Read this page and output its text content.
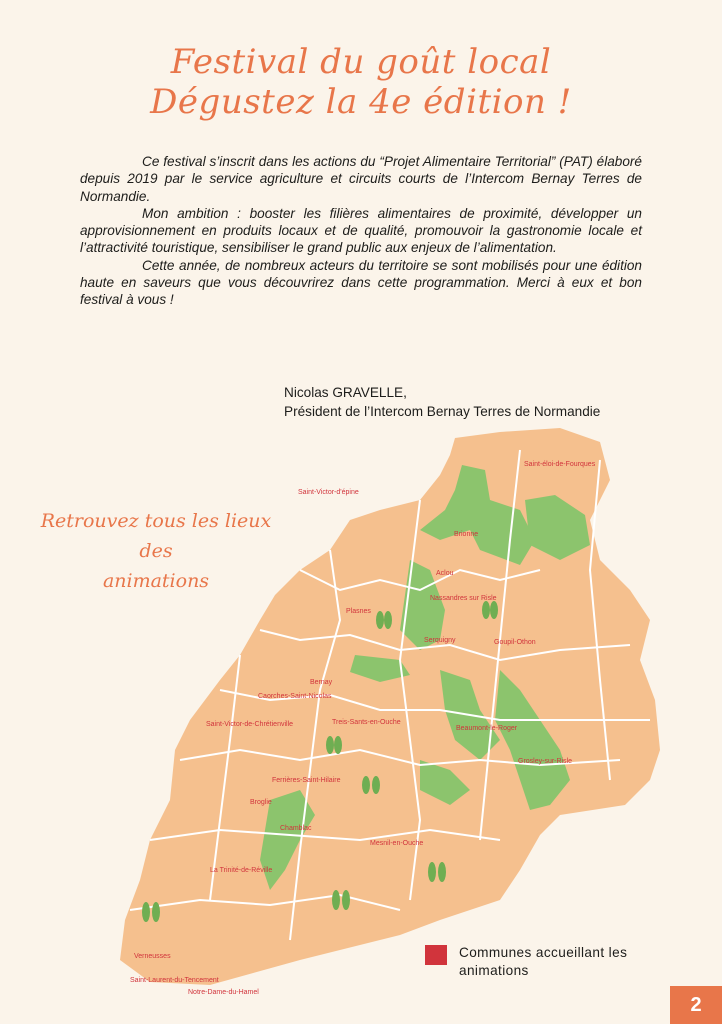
Festival du goût local
Dégustez la 4e édition !

Ce festival s’inscrit dans les actions du “Projet Alimentaire Territorial” (PAT) élaboré depuis 2019 par le service agriculture et circuits courts de l’Intercom Bernay Terres de Normandie.

Mon ambition : booster les filières alimentaires de proximité, développer un approvisionnement en produits locaux et de qualité, promouvoir la gastronomie locale et l’attractivité touristique, sensibiliser le grand public aux enjeux de l’alimentation.

Cette année, de nombreux acteurs du territoire se sont mobilisés pour une édition haute en saveurs que vous découvrirez dans cette programmation. Merci à eux et bon festival à vous !

Nicolas GRAVELLE,
Président de l’Intercom Bernay Terres de Normandie
Saint-éloi-de-Fourques
Saint-Victor-d'épine
Brionne
Aclou
Nassandres sur Risle
Plasnes
Serquigny	Goupil-Othon
Bernay
Caorches-Saint-Nicolas
Saint-Victor-de-Chrétienville	Treis-Sants-en-Ouche
Beaumont-le-Roger
Grosley-sur-Risle
Ferrières-Saint-Hilaire
Broglie
Chamblac
Mesnil-en-Ouche
La Trinité-de-Réville
Verneusses
Saint-Laurent-du-Tencement
Notre-Dame-du-Hamel
Retrouvez tous les lieux des
animations
Communes accueillant les animations
2
